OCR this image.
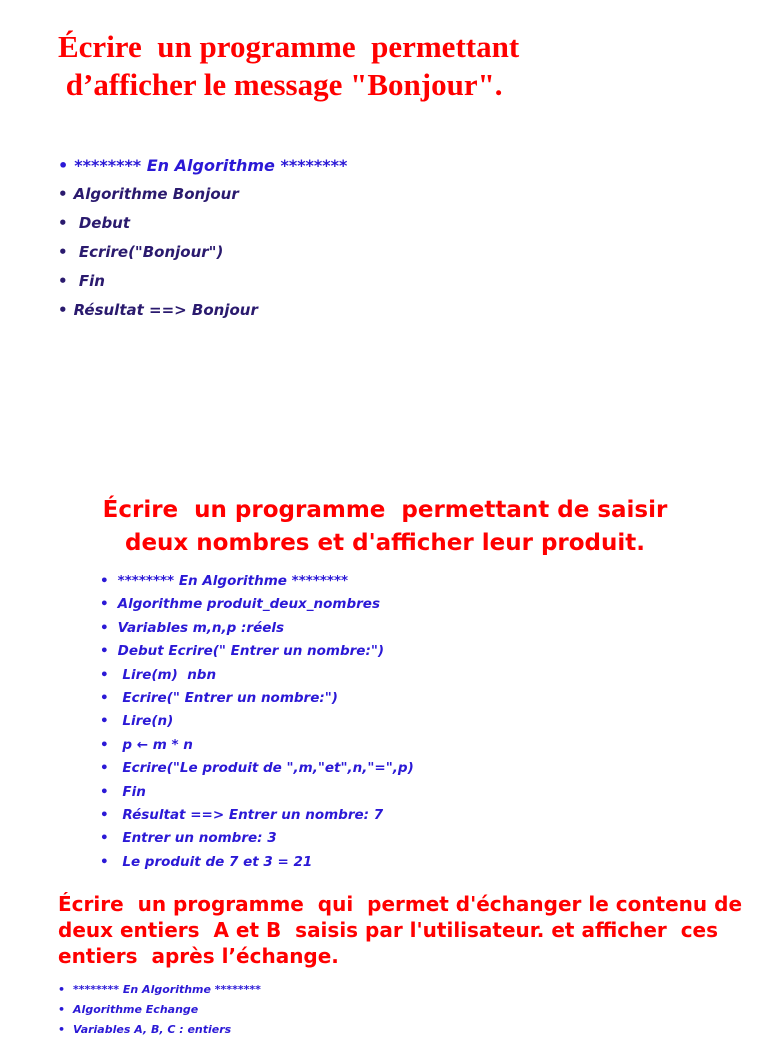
Écrire  un programme  permettant
d’afficher le message "Bonjour".
• ******** En Algorithme ********
• Algorithme Bonjour
• Debut
• Ecrire("Bonjour")
• Fin
• Résultat ==> Bonjour
Écrire  un programme  permettant de saisir
deux nombres et d'afficher leur produit.
• ******** En Algorithme ********
• Algorithme produit_deux_nombres
• Variables m,n,p :réels
• Debut Ecrire(" Entrer un nombre:")
• Lire(m)  nbn
• Ecrire(" Entrer un nombre:")
• Lire(n)
• p ← m * n
• Ecrire("Le produit de ",m,"et",n,"=",p)
• Fin
• Résultat ==> Entrer un nombre: 7
• Entrer un nombre: 3
• Le produit de 7 et 3 = 21
Écrire  un programme  qui  permet d'échanger le contenu de
deux entiers  A et B  saisis par l'utilisateur. et afficher  ces
entiers  après l’échange.
• ******** En Algorithme ********
• Algorithme Echange
• Variables A, B, C : entiers
